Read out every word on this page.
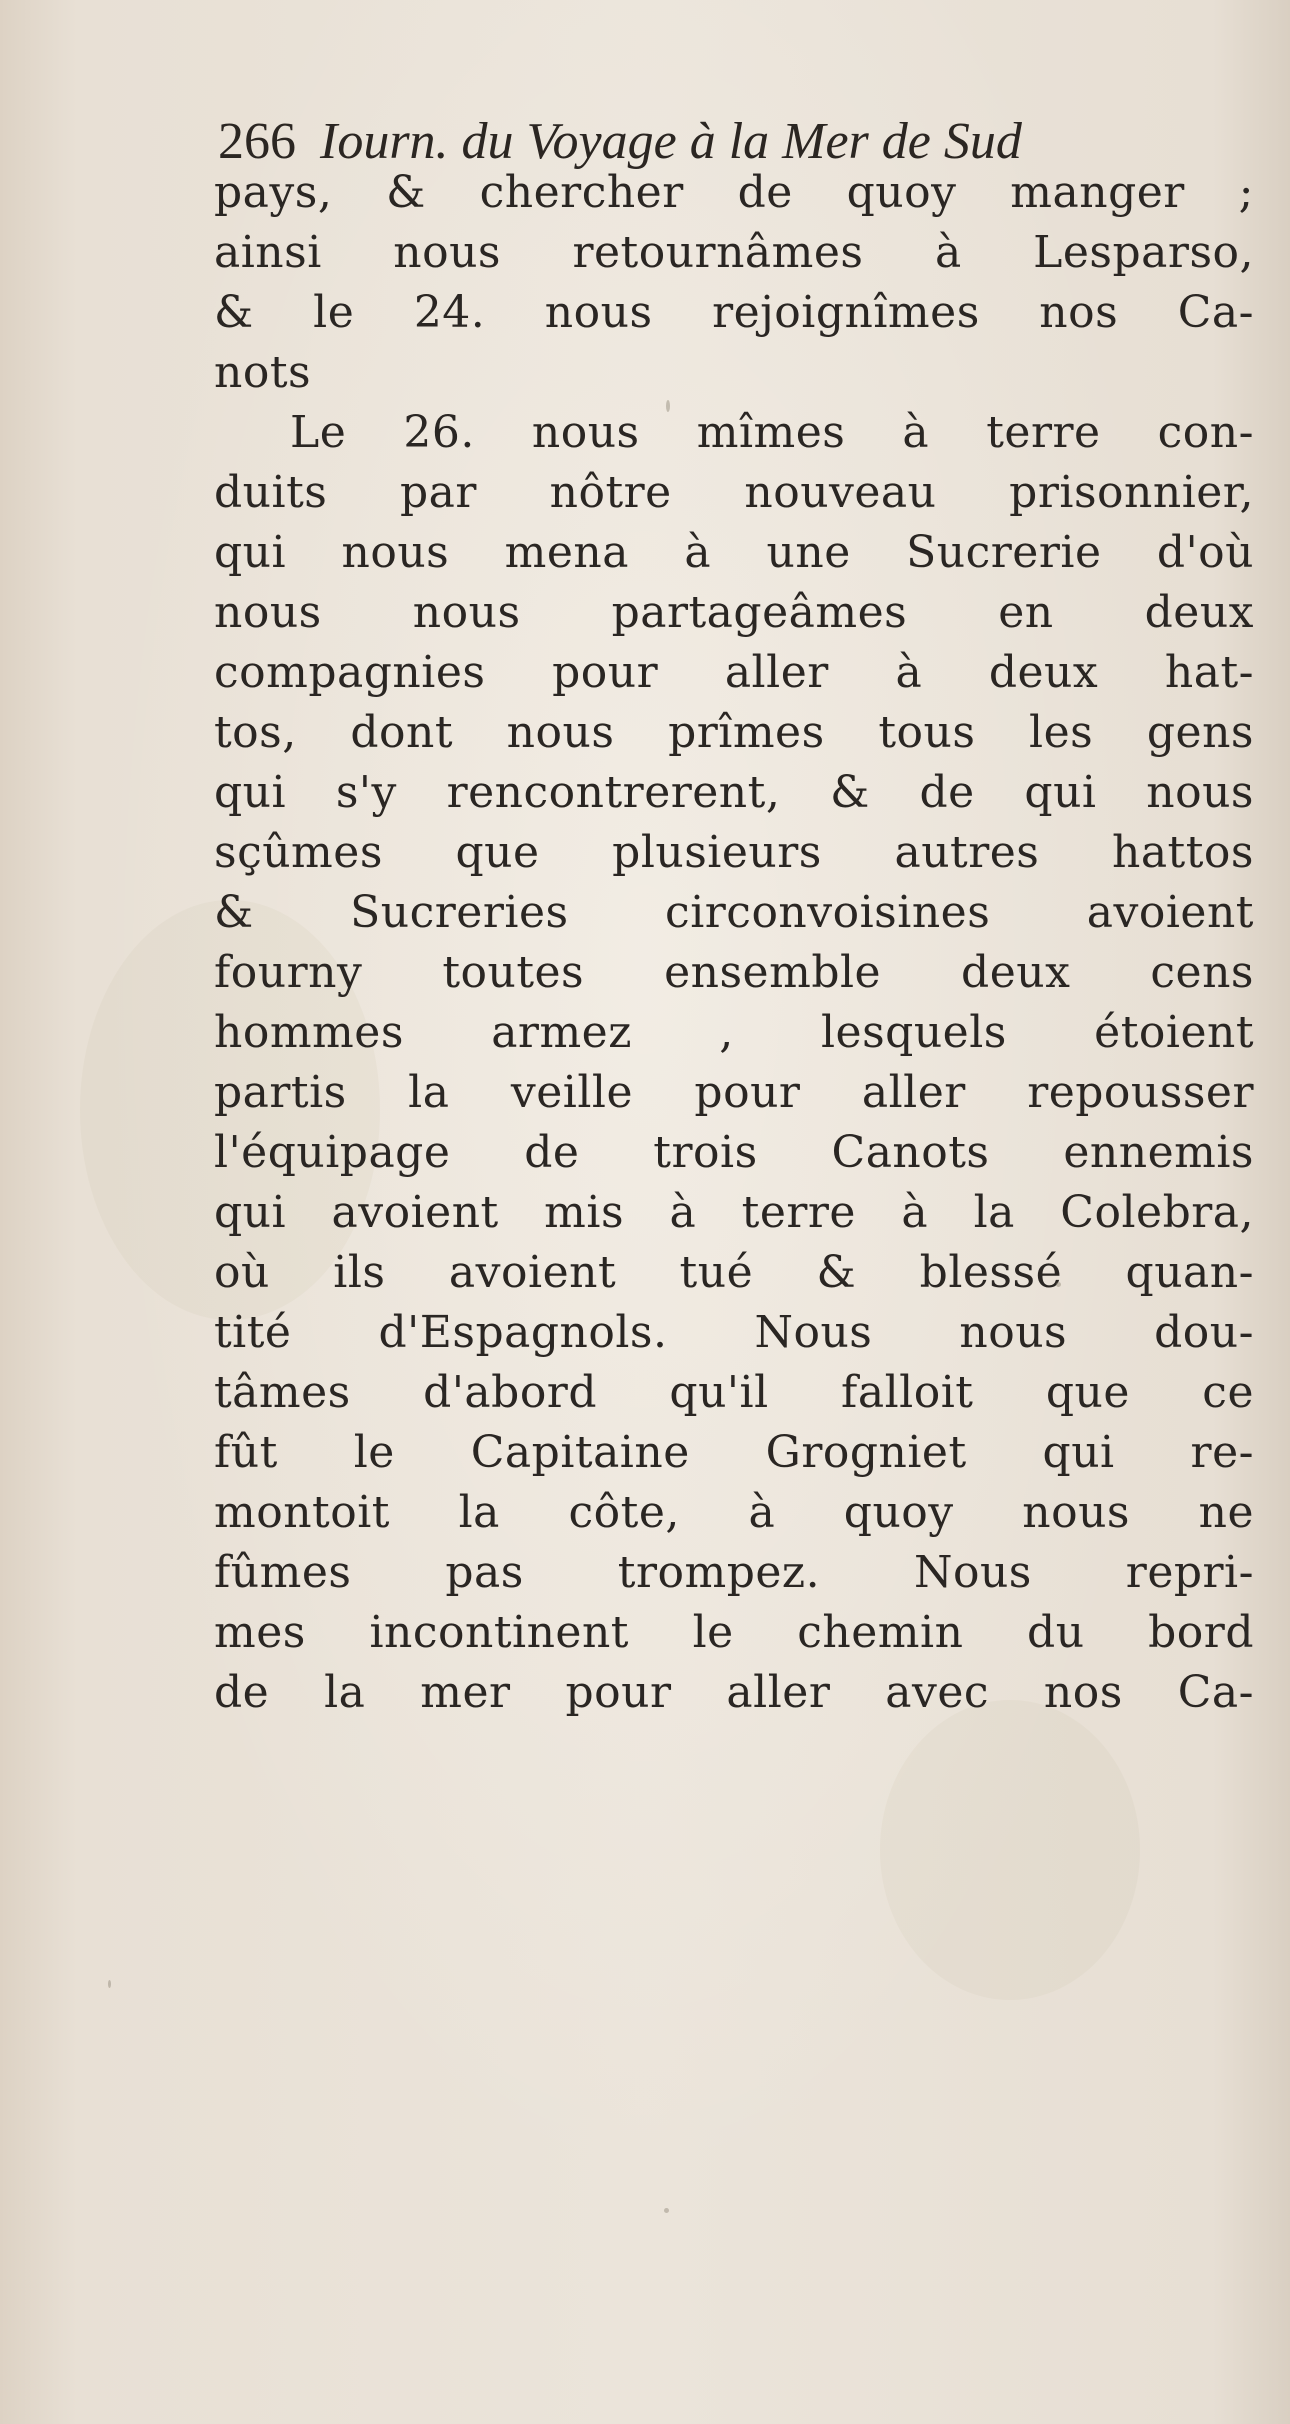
266 Iourn. du Voyage à la Mer de Sud
pays, & chercher de quoy manger ;
ainsi nous retournâmes à Lesparso,
& le 24. nous rejoignîmes nos Ca-
nots
Le 26. nous mîmes à terre con-
duits par nôtre nouveau prisonnier,
qui nous mena à une Sucrerie d'où
nous nous partageâmes en deux
compagnies pour aller à deux hat-
tos, dont nous prîmes tous les gens
qui s'y rencontrerent, & de qui nous
sçûmes que plusieurs autres hattos
& Sucreries circonvoisines avoient
fourny toutes ensemble deux cens
hommes armez , lesquels étoient
partis la veille pour aller repousser
l'équipage de trois Canots ennemis
qui avoient mis à terre à la Colebra,
où ils avoient tué & blessé quan-
tité d'Espagnols. Nous nous dou-
tâmes d'abord qu'il falloit que ce
fût le Capitaine Grogniet qui re-
montoit la côte, à quoy nous ne
fûmes pas trompez. Nous repri-
mes incontinent le chemin du bord
de la mer pour aller avec nos Ca-
